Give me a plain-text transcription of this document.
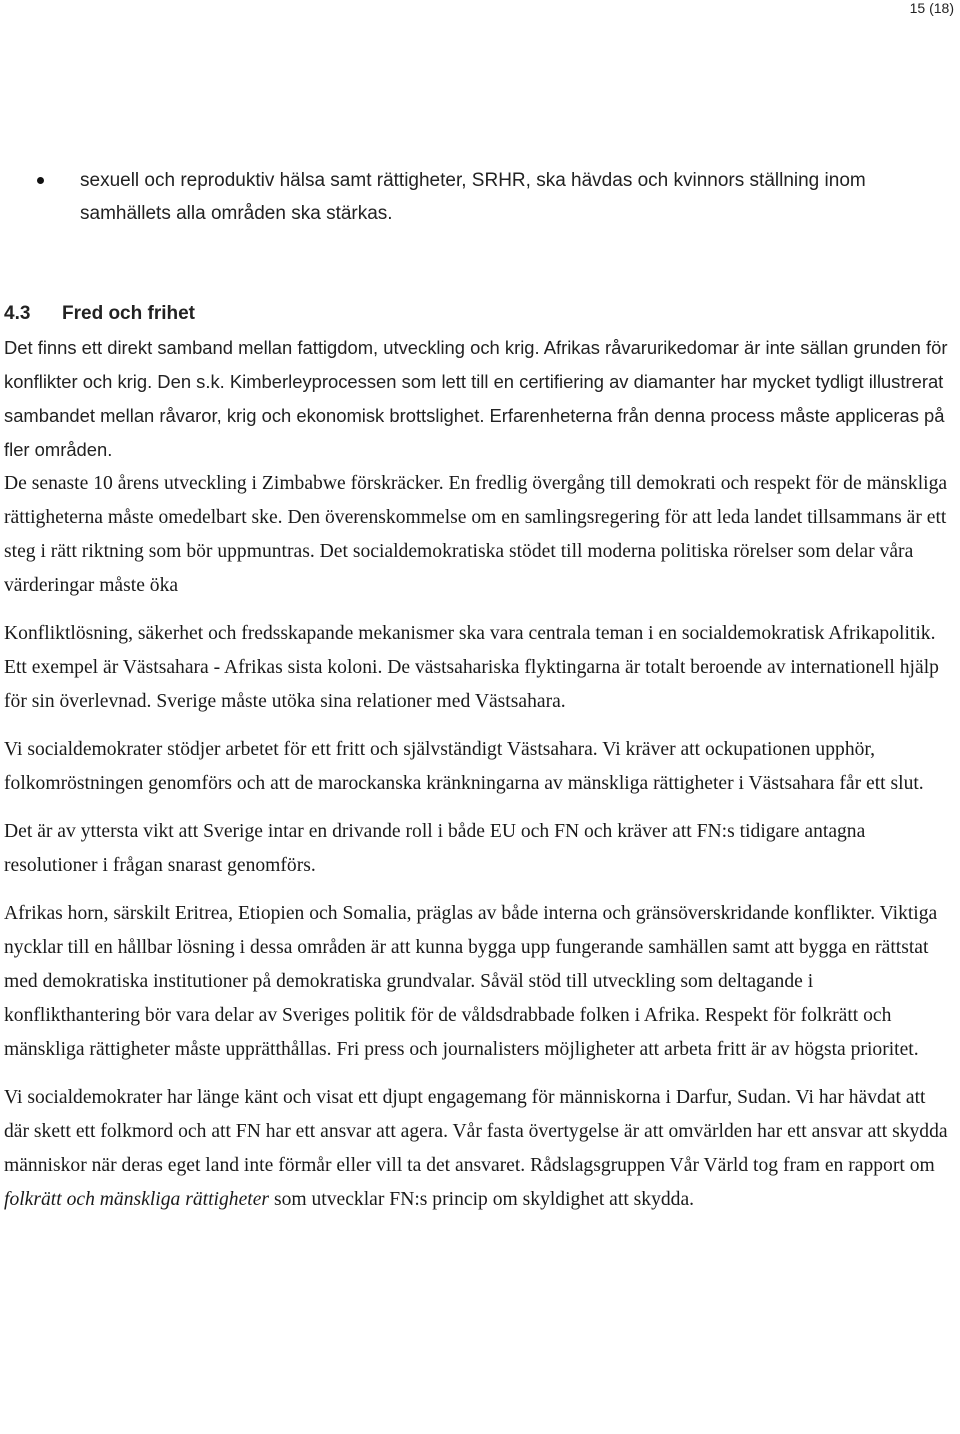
15 (18)

sexuell och reproduktiv hälsa samt rättigheter, SRHR, ska hävdas och kvinnors ställning inom samhällets alla områden ska stärkas.

4.3 Fred och frihet

Det finns ett direkt samband mellan fattigdom, utveckling och krig. Afrikas råvarurikedomar är inte sällan grunden för konflikter och krig. Den s.k. Kimberleyprocessen som lett till en certifiering av diamanter har mycket tydligt illustrerat sambandet mellan råvaror, krig och ekonomisk brottslighet. Erfarenheterna från denna process måste appliceras på fler områden.

De senaste 10 årens utveckling i Zimbabwe förskräcker. En fredlig övergång till demokrati och respekt för de mänskliga rättigheterna måste omedelbart ske. Den överenskommelse om en samlingsregering för att leda landet tillsammans är ett steg i rätt riktning som bör uppmuntras. Det socialdemokratiska stödet till moderna politiska rörelser som delar våra värderingar måste öka

Konfliktlösning, säkerhet och fredsskapande mekanismer ska vara centrala teman i en socialdemokratisk Afrikapolitik. Ett exempel är Västsahara - Afrikas sista koloni. De västsahariska flyktingarna är totalt beroende av internationell hjälp för sin överlevnad. Sverige måste utöka sina relationer med Västsahara.

Vi socialdemokrater stödjer arbetet för ett fritt och självständigt Västsahara. Vi kräver att ockupationen upphör, folkomröstningen genomförs och att de marockanska kränkningarna av mänskliga rättigheter i Västsahara får ett slut.

Det är av yttersta vikt att Sverige intar en drivande roll i både EU och FN och kräver att FN:s tidigare antagna resolutioner i frågan snarast genomförs.

Afrikas horn, särskilt Eritrea, Etiopien och Somalia, präglas av både interna och gränsöverskridande konflikter. Viktiga nycklar till en hållbar lösning i dessa områden är att kunna bygga upp fungerande samhällen samt att bygga en rättstat med demokratiska institutioner på demokratiska grundvalar. Såväl stöd till utveckling som deltagande i konflikthantering bör vara delar av Sveriges politik för de våldsdrabbade folken i Afrika. Respekt för folkrätt och mänskliga rättigheter måste upprätthållas. Fri press och journalisters möjligheter att arbeta fritt är av högsta prioritet.

Vi socialdemokrater har länge känt och visat ett djupt engagemang för människorna i Darfur, Sudan. Vi har hävdat att där skett ett folkmord och att FN har ett ansvar att agera. Vår fasta övertygelse är att omvärlden har ett ansvar att skydda människor när deras eget land inte förmår eller vill ta det ansvaret. Rådslagsgruppen Vår Värld tog fram en rapport om folkrätt och mänskliga rättigheter som utvecklar FN:s princip om skyldighet att skydda.
